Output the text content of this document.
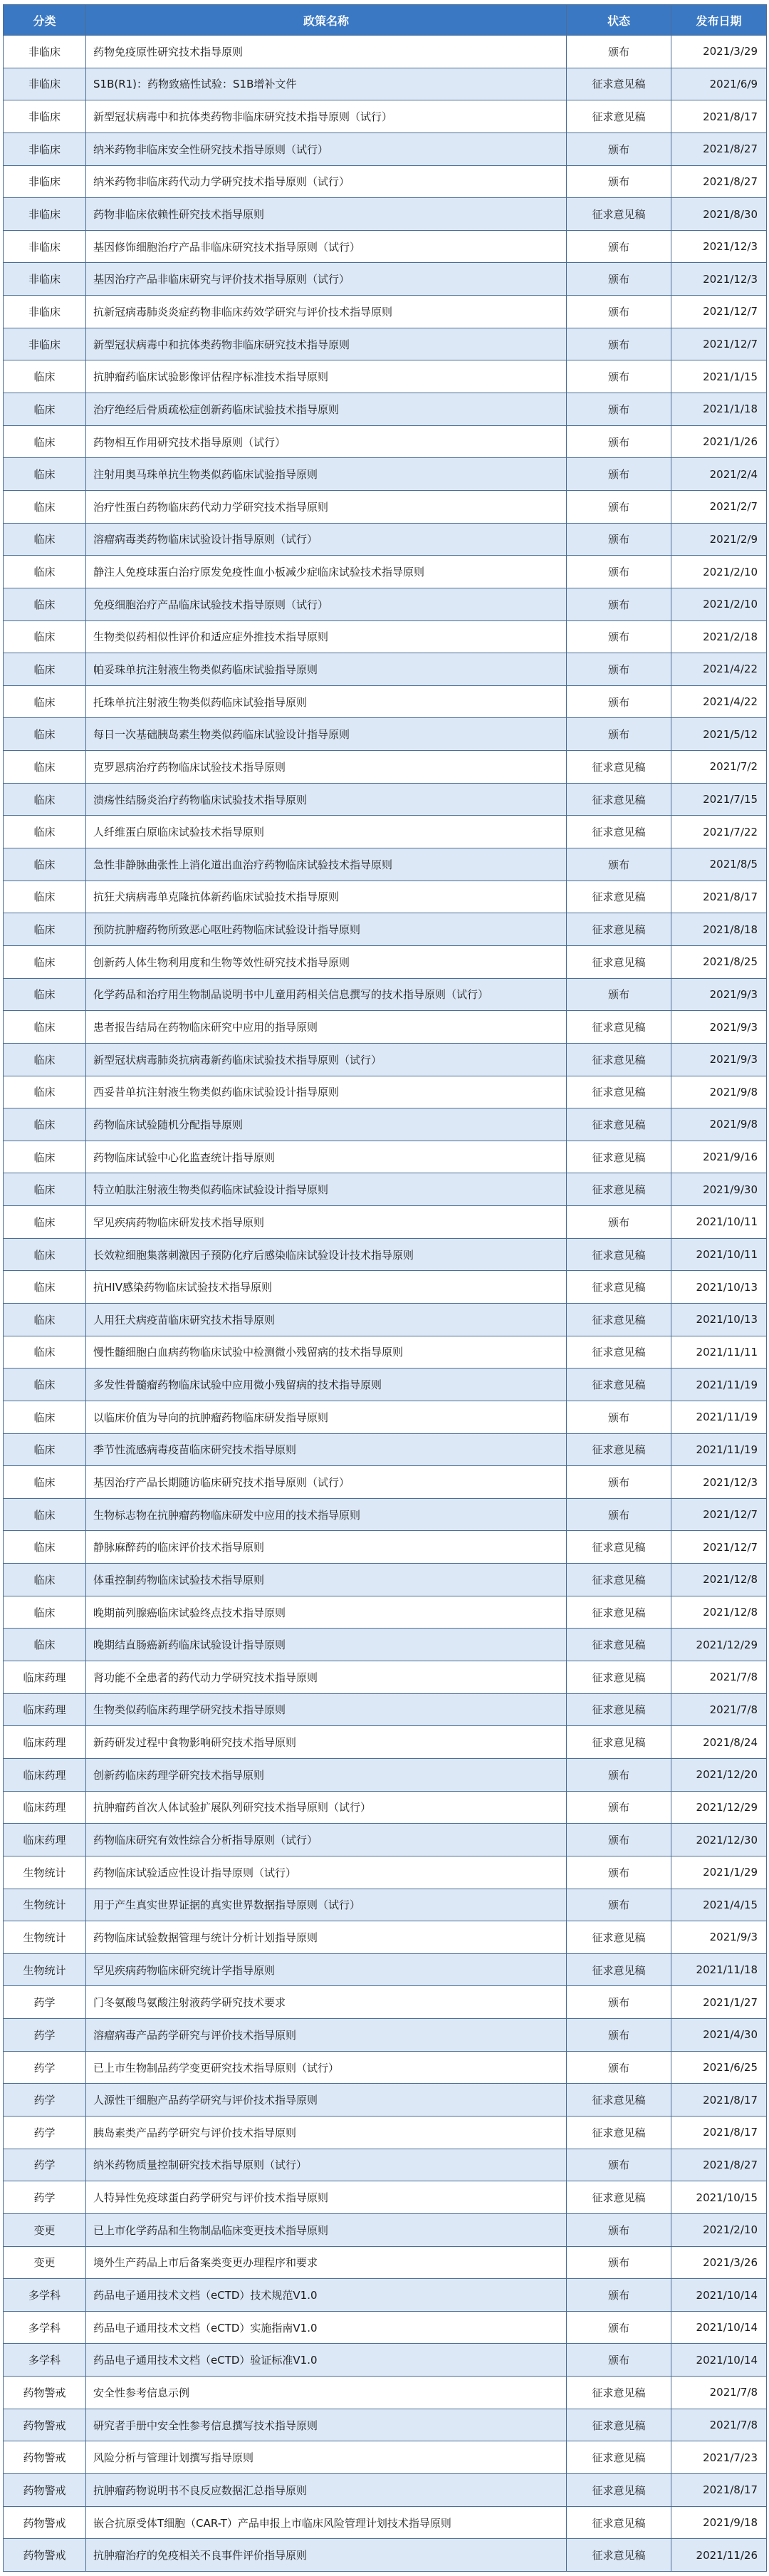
分类	政策名称	状态	发布日期
非临床	药物免疫原性研究技术指导原则	颁布	2021/3/29
非临床	S1B(R1)：药物致癌性试验：S1B增补文件	征求意见稿	2021/6/9
非临床	新型冠状病毒中和抗体类药物非临床研究技术指导原则（试行）	征求意见稿	2021/8/17
非临床	纳米药物非临床安全性研究技术指导原则（试行）	颁布	2021/8/27
非临床	纳米药物非临床药代动力学研究技术指导原则（试行）	颁布	2021/8/27
非临床	药物非临床依赖性研究技术指导原则	征求意见稿	2021/8/30
非临床	基因修饰细胞治疗产品非临床研究技术指导原则（试行）	颁布	2021/12/3
非临床	基因治疗产品非临床研究与评价技术指导原则（试行）	颁布	2021/12/3
非临床	抗新冠病毒肺炎炎症药物非临床药效学研究与评价技术指导原则	颁布	2021/12/7
非临床	新型冠状病毒中和抗体类药物非临床研究技术指导原则	颁布	2021/12/7
临床	抗肿瘤药临床试验影像评估程序标准技术指导原则	颁布	2021/1/15
临床	治疗绝经后骨质疏松症创新药临床试验技术指导原则	颁布	2021/1/18
临床	药物相互作用研究技术指导原则（试行）	颁布	2021/1/26
临床	注射用奥马珠单抗生物类似药临床试验指导原则	颁布	2021/2/4
临床	治疗性蛋白药物临床药代动力学研究技术指导原则	颁布	2021/2/7
临床	溶瘤病毒类药物临床试验设计指导原则（试行）	颁布	2021/2/9
临床	静注人免疫球蛋白治疗原发免疫性血小板减少症临床试验技术指导原则	颁布	2021/2/10
临床	免疫细胞治疗产品临床试验技术指导原则（试行）	颁布	2021/2/10
临床	生物类似药相似性评价和适应症外推技术指导原则	颁布	2021/2/18
临床	帕妥珠单抗注射液生物类似药临床试验指导原则	颁布	2021/4/22
临床	托珠单抗注射液生物类似药临床试验指导原则	颁布	2021/4/22
临床	每日一次基础胰岛素生物类似药临床试验设计指导原则	颁布	2021/5/12
临床	克罗恩病治疗药物临床试验技术指导原则	征求意见稿	2021/7/2
临床	溃疡性结肠炎治疗药物临床试验技术指导原则	征求意见稿	2021/7/15
临床	人纤维蛋白原临床试验技术指导原则	征求意见稿	2021/7/22
临床	急性非静脉曲张性上消化道出血治疗药物临床试验技术指导原则	颁布	2021/8/5
临床	抗狂犬病病毒单克隆抗体新药临床试验技术指导原则	征求意见稿	2021/8/17
临床	预防抗肿瘤药物所致恶心呕吐药物临床试验设计指导原则	征求意见稿	2021/8/18
临床	创新药人体生物利用度和生物等效性研究技术指导原则	征求意见稿	2021/8/25
临床	化学药品和治疗用生物制品说明书中儿童用药相关信息撰写的技术指导原则（试行）	颁布	2021/9/3
临床	患者报告结局在药物临床研究中应用的指导原则	征求意见稿	2021/9/3
临床	新型冠状病毒肺炎抗病毒新药临床试验技术指导原则（试行）	征求意见稿	2021/9/3
临床	西妥昔单抗注射液生物类似药临床试验设计指导原则	征求意见稿	2021/9/8
临床	药物临床试验随机分配指导原则	征求意见稿	2021/9/8
临床	药物临床试验中心化监查统计指导原则	征求意见稿	2021/9/16
临床	特立帕肽注射液生物类似药临床试验设计指导原则	征求意见稿	2021/9/30
临床	罕见疾病药物临床研发技术指导原则	颁布	2021/10/11
临床	长效粒细胞集落刺激因子预防化疗后感染临床试验设计技术指导原则	征求意见稿	2021/10/11
临床	抗HIV感染药物临床试验技术指导原则	征求意见稿	2021/10/13
临床	人用狂犬病疫苗临床研究技术指导原则	征求意见稿	2021/10/13
临床	慢性髓细胞白血病药物临床试验中检测微小残留病的技术指导原则	征求意见稿	2021/11/11
临床	多发性骨髓瘤药物临床试验中应用微小残留病的技术指导原则	征求意见稿	2021/11/19
临床	以临床价值为导向的抗肿瘤药物临床研发指导原则	颁布	2021/11/19
临床	季节性流感病毒疫苗临床研究技术指导原则	征求意见稿	2021/11/19
临床	基因治疗产品长期随访临床研究技术指导原则（试行）	颁布	2021/12/3
临床	生物标志物在抗肿瘤药物临床研发中应用的技术指导原则	颁布	2021/12/7
临床	静脉麻醉药的临床评价技术指导原则	征求意见稿	2021/12/7
临床	体重控制药物临床试验技术指导原则	征求意见稿	2021/12/8
临床	晚期前列腺癌临床试验终点技术指导原则	征求意见稿	2021/12/8
临床	晚期结直肠癌新药临床试验设计指导原则	征求意见稿	2021/12/29
临床药理	肾功能不全患者的药代动力学研究技术指导原则	征求意见稿	2021/7/8
临床药理	生物类似药临床药理学研究技术指导原则	征求意见稿	2021/7/8
临床药理	新药研发过程中食物影响研究技术指导原则	征求意见稿	2021/8/24
临床药理	创新药临床药理学研究技术指导原则	颁布	2021/12/20
临床药理	抗肿瘤药首次人体试验扩展队列研究技术指导原则（试行）	颁布	2021/12/29
临床药理	药物临床研究有效性综合分析指导原则（试行）	颁布	2021/12/30
生物统计	药物临床试验适应性设计指导原则（试行）	颁布	2021/1/29
生物统计	用于产生真实世界证据的真实世界数据指导原则（试行）	颁布	2021/4/15
生物统计	药物临床试验数据管理与统计分析计划指导原则	征求意见稿	2021/9/3
生物统计	罕见疾病药物临床研究统计学指导原则	征求意见稿	2021/11/18
药学	门冬氨酸鸟氨酸注射液药学研究技术要求	颁布	2021/1/27
药学	溶瘤病毒产品药学研究与评价技术指导原则	颁布	2021/4/30
药学	已上市生物制品药学变更研究技术指导原则（试行）	颁布	2021/6/25
药学	人源性干细胞产品药学研究与评价技术指导原则	征求意见稿	2021/8/17
药学	胰岛素类产品药学研究与评价技术指导原则	征求意见稿	2021/8/17
药学	纳米药物质量控制研究技术指导原则（试行）	颁布	2021/8/27
药学	人特异性免疫球蛋白药学研究与评价技术指导原则	征求意见稿	2021/10/15
变更	已上市化学药品和生物制品临床变更技术指导原则	颁布	2021/2/10
变更	境外生产药品上市后备案类变更办理程序和要求	颁布	2021/3/26
多学科	药品电子通用技术文档（eCTD）技术规范V1.0	颁布	2021/10/14
多学科	药品电子通用技术文档（eCTD）实施指南V1.0	颁布	2021/10/14
多学科	药品电子通用技术文档（eCTD）验证标准V1.0	颁布	2021/10/14
药物警戒	安全性参考信息示例	征求意见稿	2021/7/8
药物警戒	研究者手册中安全性参考信息撰写技术指导原则	征求意见稿	2021/7/8
药物警戒	风险分析与管理计划撰写指导原则	征求意见稿	2021/7/23
药物警戒	抗肿瘤药物说明书不良反应数据汇总指导原则	征求意见稿	2021/8/17
药物警戒	嵌合抗原受体T细胞（CAR-T）产品申报上市临床风险管理计划技术指导原则	征求意见稿	2021/9/18
药物警戒	抗肿瘤治疗的免疫相关不良事件评价指导原则	征求意见稿	2021/11/26
